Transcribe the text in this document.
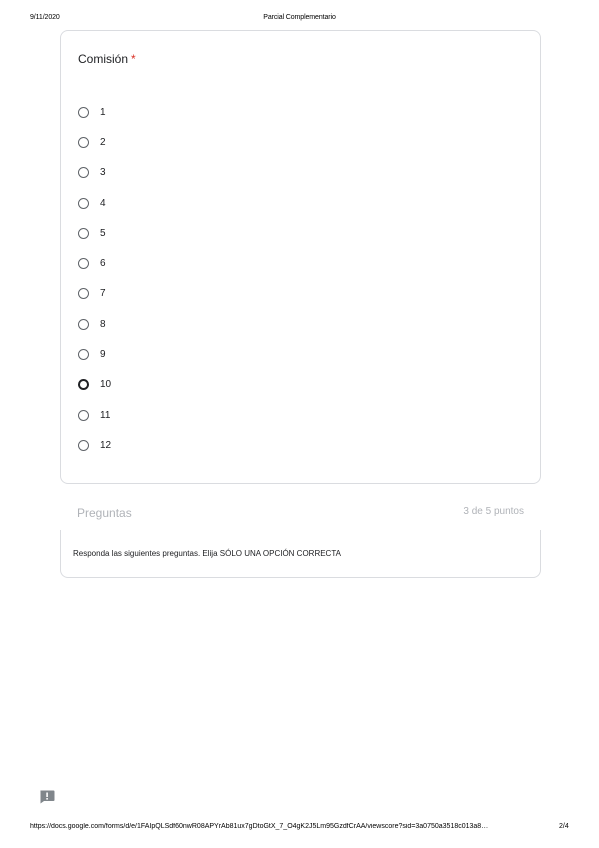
9/11/2020	Parcial Complementario
Comisión *
1
2
3
4
5
6
7
8
9
10
11
12
Preguntas	3 de 5 puntos
Responda las siguientes preguntas. Elija SÓLO UNA OPCIÓN CORRECTA
https://docs.google.com/forms/d/e/1FAIpQLSdf60nwR08APYrAb81ux7gDtoGtX_7_O4gK2J5Lm95GzdfCrAA/viewscore?sid=3a0750a3518c013a8…	2/4
